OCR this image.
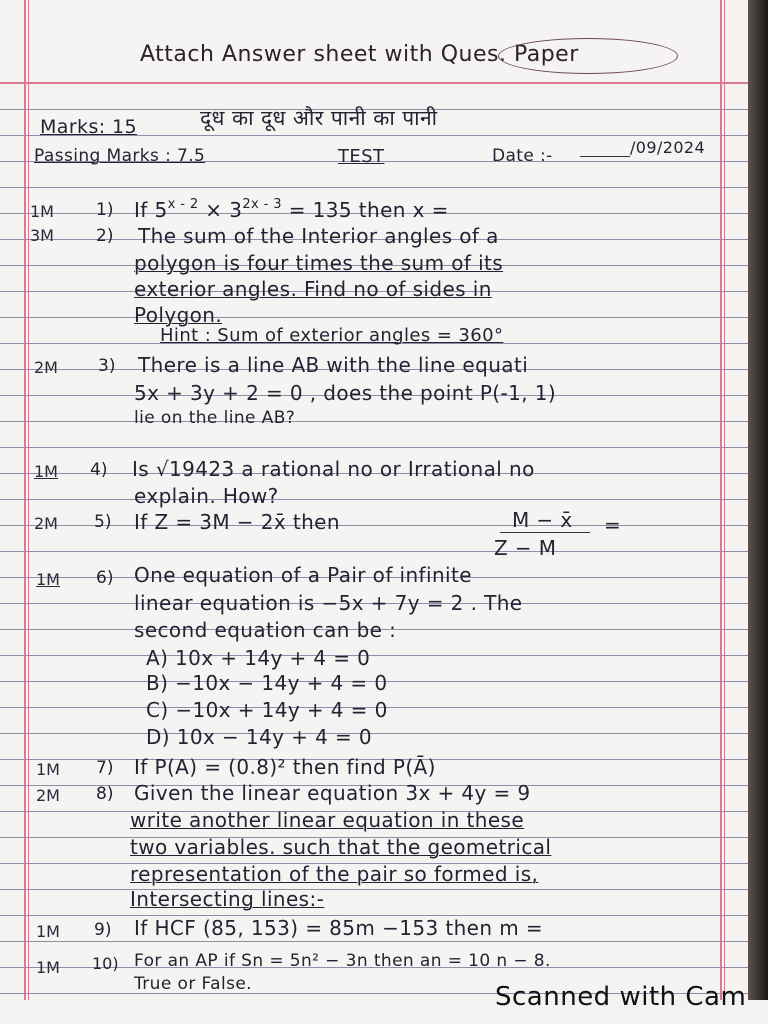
Attach Answer sheet with Ques. Paper
Marks: 15	दूध का दूध और पानी का पानी
Passing Marks : 7.5	TEST	Date :-	/09/2024
1M 1) If $5^{x - 2} \times 3^{2x - 3} = 135$ then x =
3M 2) The sum of the Interior angles of a
polygon is four times the sum of its
exterior angles. Find no of sides in
Polygon.
Hint : Sum of exterior angles = 360°
2M 3) There is a line AB with the line equati
5x + 3y + 2 = 0 , does the point P(-1, 1)
lie on the line AB?
1M 4) Is √19423 a rational no or Irrational no
explain. How?
2M 5) If Z = 3M − 2x̄ then	M − x̄ =
Z − M
1M 6) One equation of a Pair of infinite
linear equation is −5x + 7y = 2 . The
second equation can be :
A) 10x + 14y + 4 = 0
B) −10x − 14y + 4 = 0
C) −10x + 14y + 4 = 0
D) 10x − 14y + 4 = 0
1M 7) If P(A) = (0.8)² then find P(Ā)
2M 8) Given the linear equation 3x + 4y = 9
write another linear equation in these
two variables. such that the geometrical
representation of the pair so formed is,
Intersecting lines:-
1M 9) If HCF (85, 153) = 85m −153 then m =
1M 10) For an AP if Sn = 5n² − 3n then an = 10 n − 8.
True or False.	Scanned with Cam
